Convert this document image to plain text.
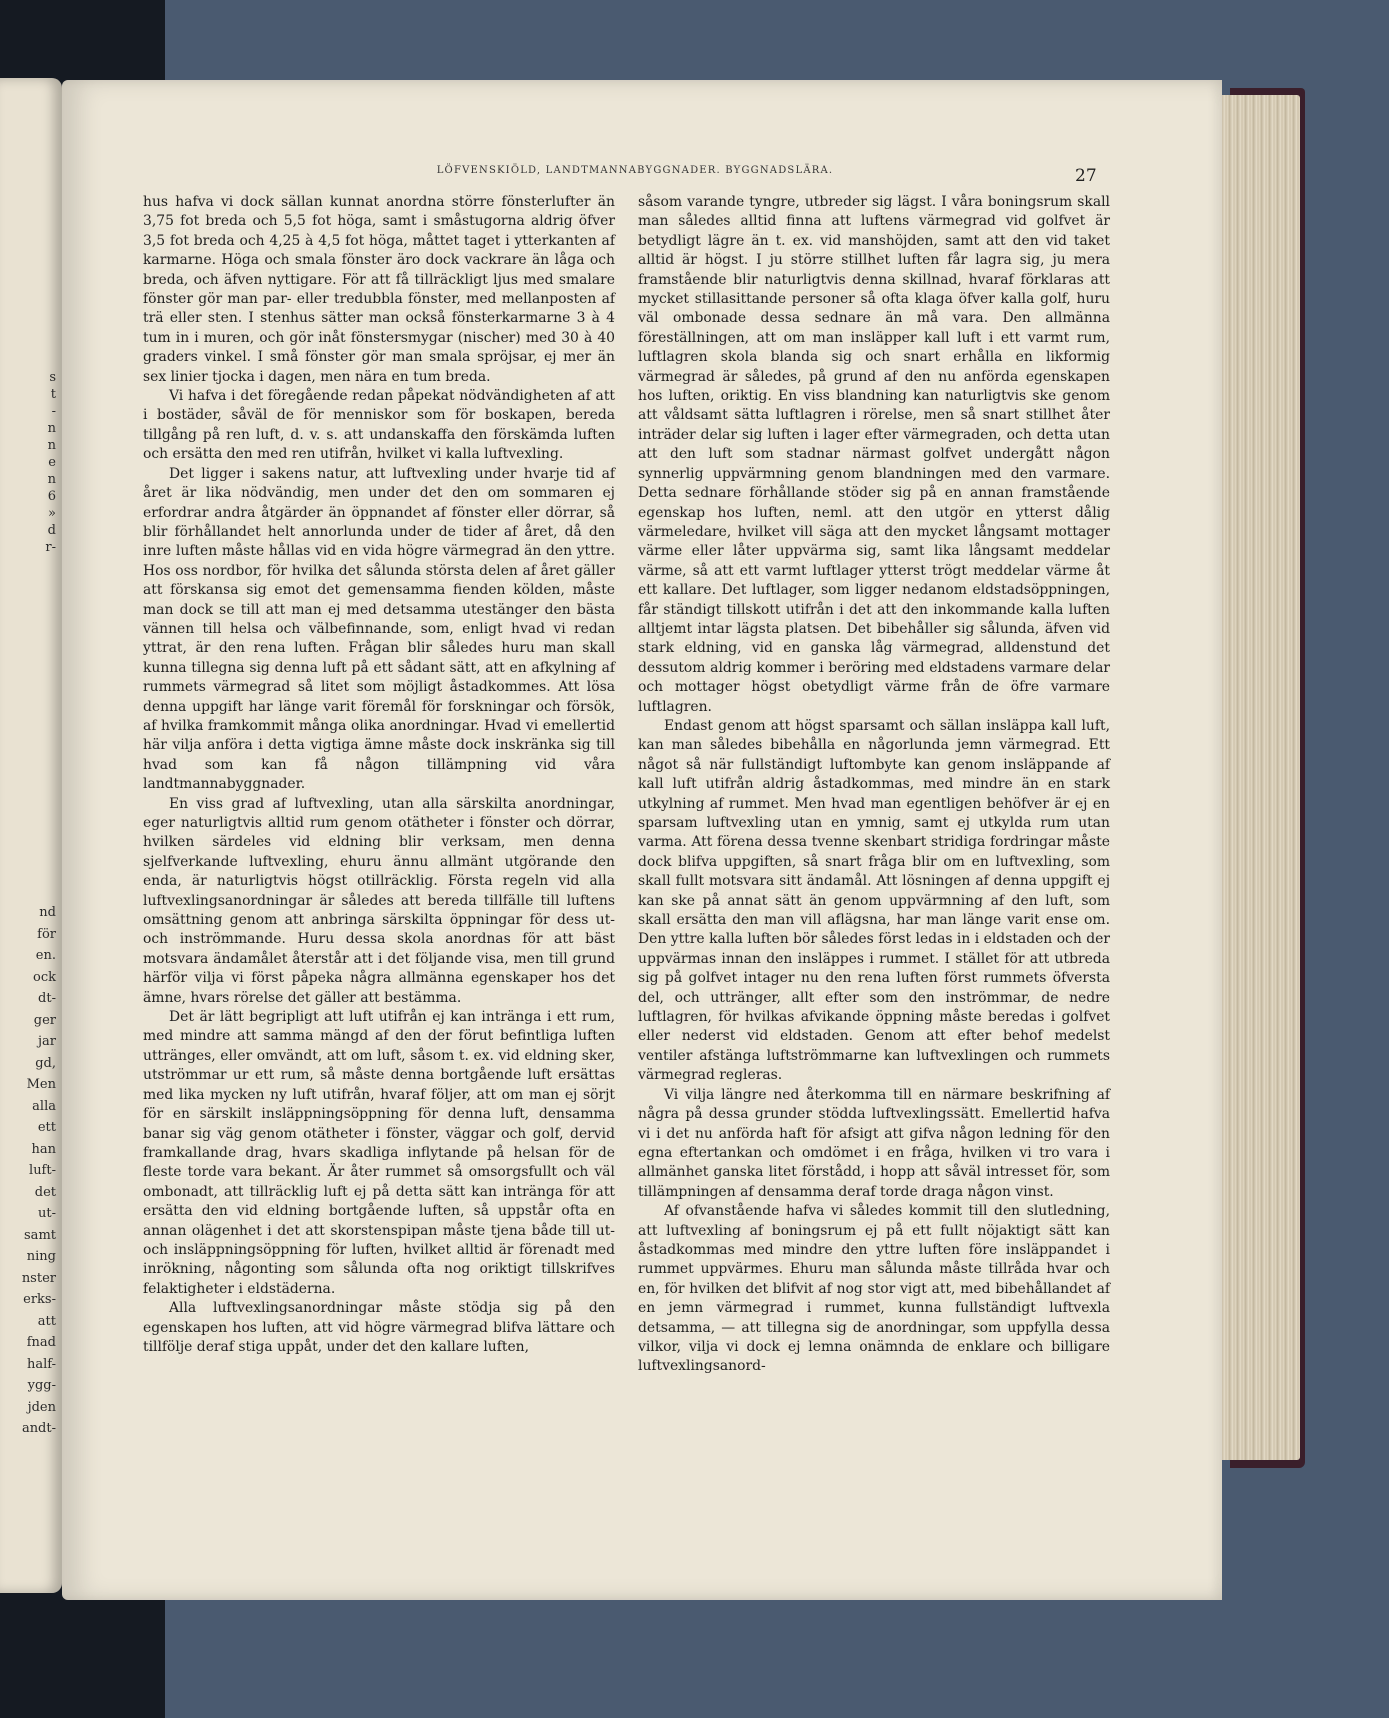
s
t
-
n
n
e
n
6
»
d
r-
nd
för
en.
ock
dt-
ger
jar
gd,
Men
alla
ett
han
luft-
det
ut-
samt
ning
nster
erks-
att
fnad
half-
ygg-
jden
andt-
LÖFVENSKIÖLD, LANDTMANNABYGGNADER. BYGGNADSLÄRA.	27

hus hafva vi dock sällan kunnat anordna större fönsterlufter än 3,75 fot breda och 5,5 fot höga, samt i småstugorna aldrig öfver 3,5 fot breda och 4,25 à 4,5 fot höga, måttet taget i ytterkanten af karmarne. Höga och smala fönster äro dock vackrare än låga och breda, och äfven nyttigare. För att få tillräckligt ljus med smalare fönster gör man par- eller tredubbla fönster, med mellanposten af trä eller sten. I stenhus sätter man också fönsterkarmarne 3 à 4 tum in i muren, och gör inåt fönstersmygar (nischer) med 30 à 40 graders vinkel. I små fönster gör man smala spröjsar, ej mer än sex linier tjocka i dagen, men nära en tum breda.

Vi hafva i det föregående redan påpekat nödvändigheten af att i bostäder, såväl de för menniskor som för boskapen, bereda tillgång på ren luft, d. v. s. att undanskaffa den förskämda luften och ersätta den med ren utifrån, hvilket vi kalla luftvexling.

Det ligger i sakens natur, att luftvexling under hvarje tid af året är lika nödvändig, men under det den om sommaren ej erfordrar andra åtgärder än öppnandet af fönster eller dörrar, så blir förhållandet helt annorlunda under de tider af året, då den inre luften måste hållas vid en vida högre värmegrad än den yttre. Hos oss nordbor, för hvilka det sålunda största delen af året gäller att förskansa sig emot det gemensamma fienden kölden, måste man dock se till att man ej med detsamma utestänger den bästa vännen till helsa och välbefinnande, som, enligt hvad vi redan yttrat, är den rena luften. Frågan blir således huru man skall kunna tillegna sig denna luft på ett sådant sätt, att en afkylning af rummets värmegrad så litet som möjligt åstadkommes. Att lösa denna uppgift har länge varit föremål för forskningar och försök, af hvilka framkommit många olika anordningar. Hvad vi emellertid här vilja anföra i detta vigtiga ämne måste dock inskränka sig till hvad som kan få någon tillämpning vid våra landtmannabyggnader.

En viss grad af luftvexling, utan alla särskilta anordningar, eger naturligtvis alltid rum genom otätheter i fönster och dörrar, hvilken särdeles vid eldning blir verksam, men denna sjelfverkande luftvexling, ehuru ännu allmänt utgörande den enda, är naturligtvis högst otillräcklig. Första regeln vid alla luftvexlingsanordningar är således att bereda tillfälle till luftens omsättning genom att anbringa särskilta öppningar för dess ut- och inströmmande. Huru dessa skola anordnas för att bäst motsvara ändamålet återstår att i det följande visa, men till grund härför vilja vi först påpeka några allmänna egenskaper hos det ämne, hvars rörelse det gäller att bestämma.

Det är lätt begripligt att luft utifrån ej kan intränga i ett rum, med mindre att samma mängd af den der förut befintliga luften uttränges, eller omvändt, att om luft, såsom t. ex. vid eldning sker, utströmmar ur ett rum, så måste denna bortgående luft ersättas med lika mycken ny luft utifrån, hvaraf följer, att om man ej sörjt för en särskilt insläppningsöppning för denna luft, densamma banar sig väg genom otätheter i fönster, väggar och golf, dervid framkallande drag, hvars skadliga inflytande på helsan för de fleste torde vara bekant. Är åter rummet så omsorgsfullt och väl ombonadt, att tillräcklig luft ej på detta sätt kan inträngа för att ersätta den vid eldning bortgående luften, så uppstår ofta en annan olägenhet i det att skorstenspipan måste tjena både till ut- och insläppningsöppning för luften, hvilket alltid är förenadt med inrökning, någonting som sålunda ofta nog oriktigt tillskrifves felaktigheter i eldstäderna.

Alla luftvexlingsanordningar måste stödja sig på den egenskapen hos luften, att vid högre värmegrad blifva lättare och tillfölje deraf stiga uppåt, under det den kallare luften,

såsom varande tyngre, utbreder sig lägst. I våra boningsrum skall man således alltid finna att luftens värmegrad vid golfvet är betydligt lägre än t. ex. vid manshöjden, samt att den vid taket alltid är högst. I ju större stillhet luften får lagra sig, ju mera framstående blir naturligtvis denna skillnad, hvaraf förklaras att mycket stillasittande personer så ofta klaga öfver kalla golf, huru väl ombonade dessa sednare än må vara. Den allmänna föreställningen, att om man insläpper kall luft i ett varmt rum, luftlagren skola blanda sig och snart erhålla en likformig värmegrad är således, på grund af den nu anförda egenskapen hos luften, oriktig. En viss blandning kan naturligtvis ske genom att våldsamt sätta luftlagren i rörelse, men så snart stillhet åter inträder delar sig luften i lager efter värmegraden, och detta utan att den luft som stadnar närmast golfvet undergått någon synnerlig uppvärmning genom blandningen med den varmare. Detta sednare förhållande stöder sig på en annan framstående egenskap hos luften, neml. att den utgör en ytterst dålig värmeledare, hvilket vill säga att den mycket långsamt mottager värme eller låter uppvärma sig, samt lika långsamt meddelar värme, så att ett varmt luftlager ytterst trögt meddelar värme åt ett kallare. Det luftlager, som ligger nedanom eldstadsöppningen, får ständigt tillskott utifrån i det att den inkommande kalla luften alltjemt intar lägsta platsen. Det bibehåller sig sålunda, äfven vid stark eldning, vid en ganska låg värmegrad, alldenstund det dessutom aldrig kommer i beröring med eldstadens varmare delar och mottager högst obetydligt värme från de öfre varmare luftlagren.

Endast genom att högst sparsamt och sällan insläppa kall luft, kan man således bibehålla en någorlunda jemn värmegrad. Ett något så när fullständigt luftombyte kan genom insläppande af kall luft utifrån aldrig åstadkommas, med mindre än en stark utkylning af rummet. Men hvad man egentligen behöfver är ej en sparsam luftvexling utan en ymnig, samt ej utkylda rum utan varma. Att förena dessa tvenne skenbart stridiga fordringar måste dock blifva uppgiften, så snart fråga blir om en luftvexling, som skall fullt motsvara sitt ändamål. Att lösningen af denna uppgift ej kan ske på annat sätt än genom uppvärmning af den luft, som skall ersätta den man vill aflägsna, har man länge varit ense om. Den yttre kalla luften bör således först ledas in i eldstaden och der uppvärmas innan den insläppes i rummet. I stället för att utbreda sig på golfvet intager nu den rena luften först rummets öfversta del, och uttränger, allt efter som den inströmmar, de nedre luftlagren, för hvilkas afvikande öppning måste beredas i golfvet eller nederst vid eldstaden. Genom att efter behof medelst ventiler afstänga luftströmmarne kan luftvexlingen och rummets värmegrad regleras.

Vi vilja längre ned återkomma till en närmare beskrifning af några på dessa grunder stödda luftvexlingssätt. Emellertid hafva vi i det nu anförda haft för afsigt att gifva någon ledning för den egna eftertankan och omdömet i en fråga, hvilken vi tro vara i allmänhet ganska litet förstådd, i hopp att såväl intresset för, som tillämpningen af densamma deraf torde draga någon vinst.

Af ofvanstående hafva vi således kommit till den slutledning, att luftvexling af boningsrum ej på ett fullt nöjaktigt sätt kan åstadkommas med mindre den yttre luften före insläppandet i rummet uppvärmes. Ehuru man sålunda måste tillråda hvar och en, för hvilken det blifvit af nog stor vigt att, med bibehållandet af en jemn värmegrad i rummet, kunna fullständigt luftvexla detsamma, — att tillegna sig de anordningar, som uppfylla dessa vilkor, vilja vi dock ej lemna onämnda de enklare och billigare luftvexlingsanord-
